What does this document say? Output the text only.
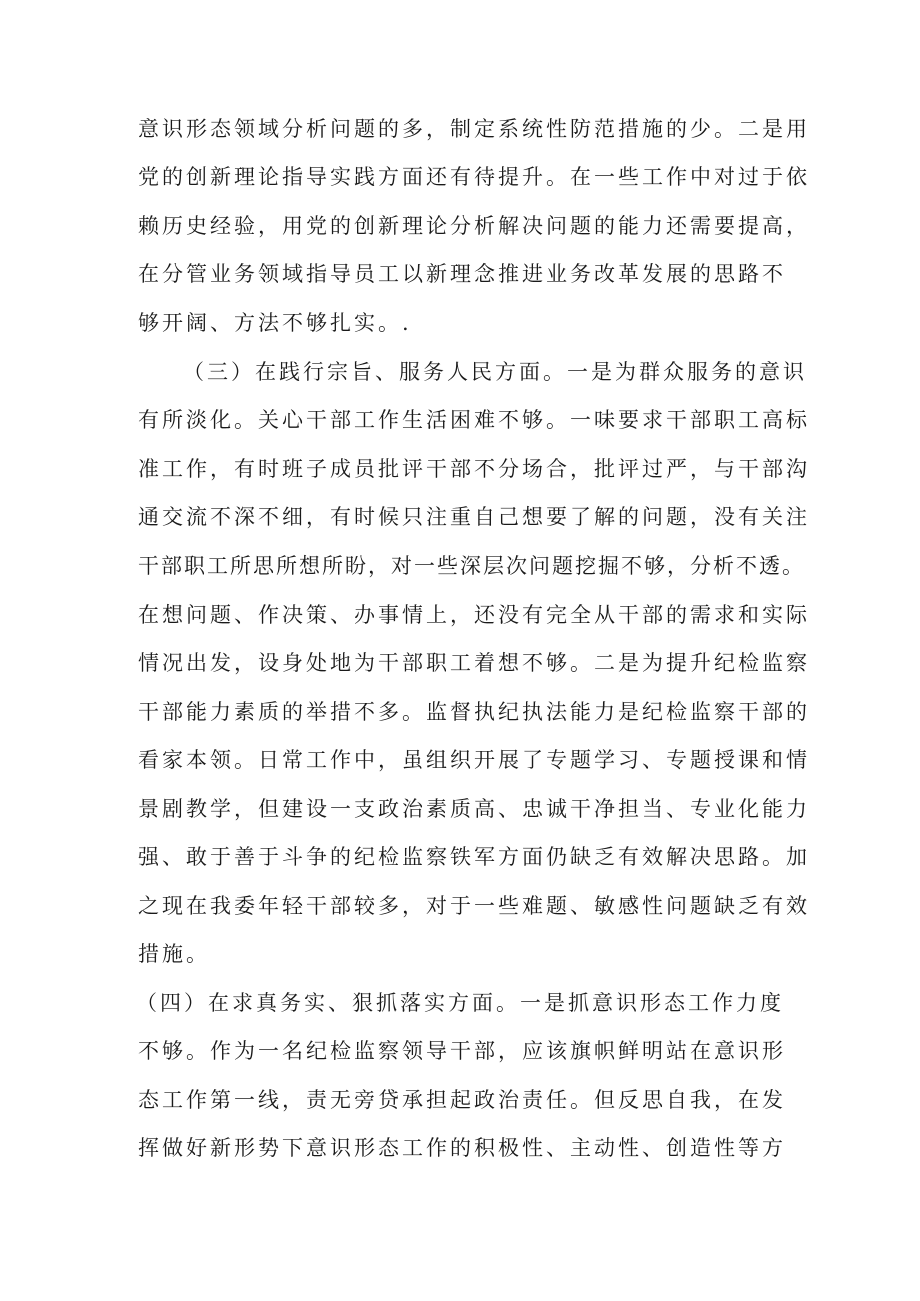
意识形态领域分析问题的多，制定系统性防范措施的少。二是用
党的创新理论指导实践方面还有待提升。在一些工作中对过于依
赖历史经验，用党的创新理论分析解决问题的能力还需要提高，
在分管业务领域指导员工以新理念推进业务改革发展的思路不
够开阔、方法不够扎实。.
（三）在践行宗旨、服务人民方面。一是为群众服务的意识
有所淡化。关心干部工作生活困难不够。一味要求干部职工高标
准工作，有时班子成员批评干部不分场合，批评过严，与干部沟
通交流不深不细，有时候只注重自己想要了解的问题，没有关注
干部职工所思所想所盼，对一些深层次问题挖掘不够，分析不透。
在想问题、作决策、办事情上，还没有完全从干部的需求和实际
情况出发，设身处地为干部职工着想不够。二是为提升纪检监察
干部能力素质的举措不多。监督执纪执法能力是纪检监察干部的
看家本领。日常工作中，虽组织开展了专题学习、专题授课和情
景剧教学，但建设一支政治素质高、忠诚干净担当、专业化能力
强、敢于善于斗争的纪检监察铁军方面仍缺乏有效解决思路。加
之现在我委年轻干部较多，对于一些难题、敏感性问题缺乏有效
措施。
（四）在求真务实、狠抓落实方面。一是抓意识形态工作力度
不够。作为一名纪检监察领导干部，应该旗帜鲜明站在意识形
态工作第一线，责无旁贷承担起政治责任。但反思自我，在发
挥做好新形势下意识形态工作的积极性、主动性、创造性等方
